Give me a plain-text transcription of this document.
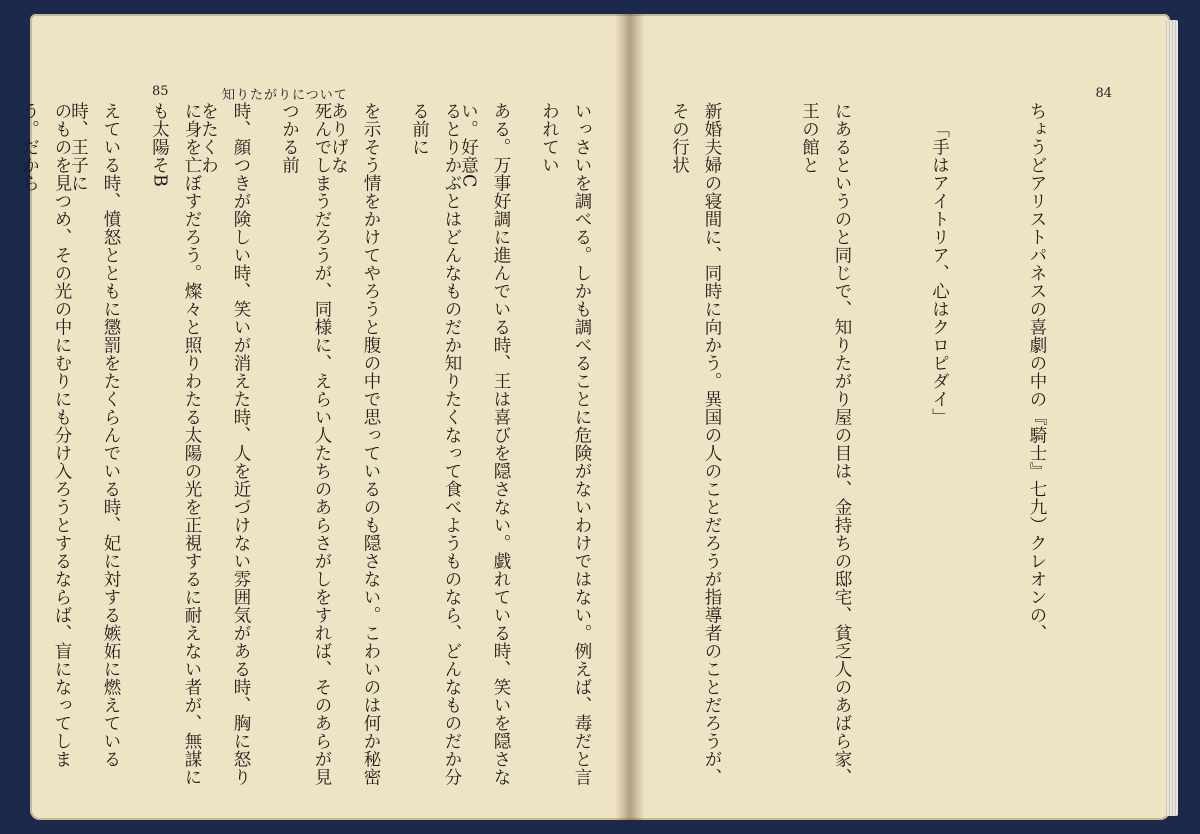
85	知りたがりについて

ある。万事好調に進んでいる時、王は喜びを隠さない。戯れている時、笑いを隠さない。好意C

を示そう情をかけてやろうと腹の中で思っているのも隠さない。こわいのは何か秘密ありげな

時、顔つきが険しい時、笑いが消えた時、人を近づけない雰囲気がある時、胸に怒りをたくわ

えている時、憤怒とともに懲罰をたくらんでいる時、妃に対する嫉妬に燃えている時、王子に

84

ちょうどアリストパネスの喜劇の中の『騎士』七九）クレオンの、

「手はアイトリア、心はクロピダイ」

にあるというのと同じで、知りたがり屋の目は、金持ちの邸宅、貧乏人のあばら家、王の館と

新婚夫婦の寝間に、同時に向かう。異国の人のことだろうが指導者のことだろうが、その行状

いっさいを調べる。しかも調べることに危険がないわけではない。例えば、毒だと言われてい

るとりかぶとはどんなものだか知りたくなって食べようものなら、どんなものだか分る前に

死んでしまうだろうが、同様に、えらい人たちのあらさがしをすれば、そのあらが見つかる前

に身を亡ぼすだろう。燦々と照りわたる太陽の光を正視するに耐えない者が、無謀にも太陽そB

のものを見つめ、その光の中にむりにも分け入ろうとするならば、盲になってしまう。だから
